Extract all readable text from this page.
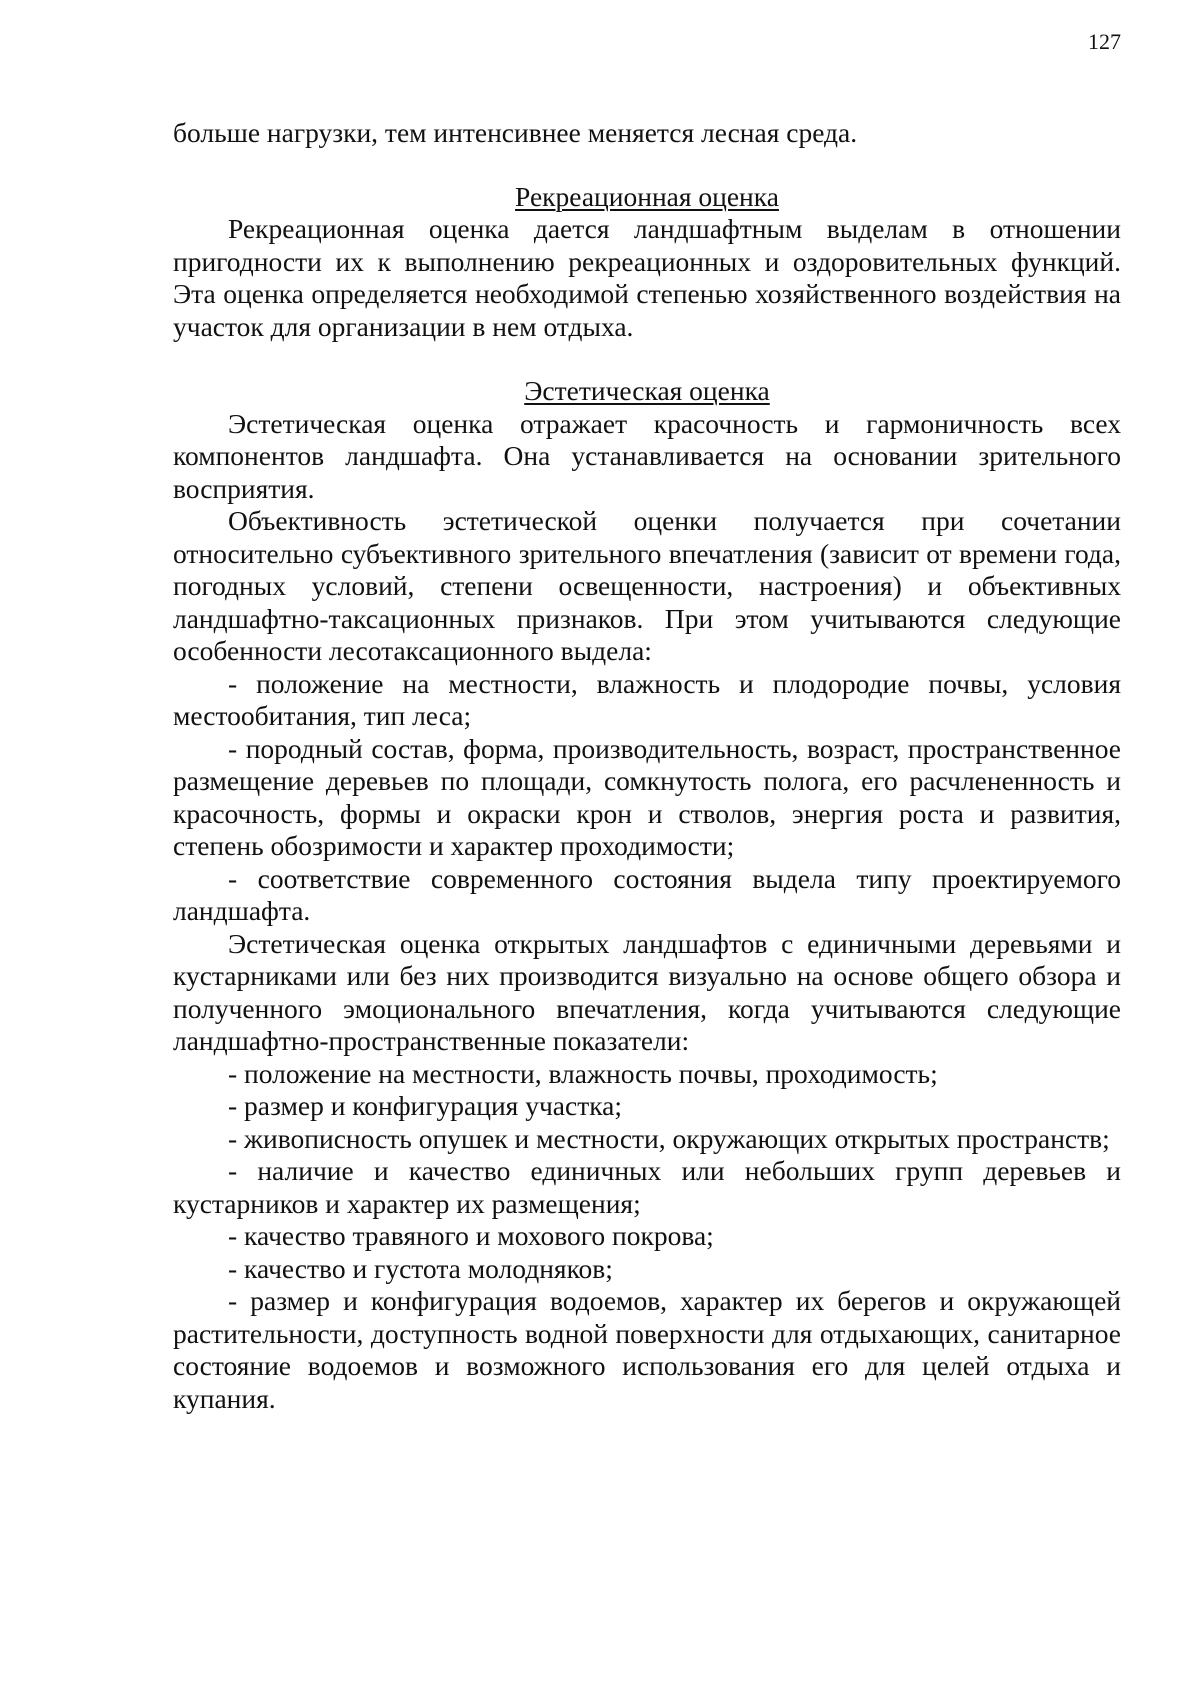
127

больше нагрузки, тем интенсивнее меняется лесная среда.

Рекреационная оценка

Рекреационная оценка дается ландшафтным выделам в отношении пригодности их к выполнению рекреационных и оздоровительных функций. Эта оценка определяется необходимой степенью хозяйственного воздействия на участок для организации в нем отдыха.

Эстетическая оценка

Эстетическая оценка отражает красочность и гармоничность всех компонентов ландшафта. Она устанавливается на основании зрительного восприятия.

Объективность эстетической оценки получается при сочетании относительно субъективного зрительного впечатления (зависит от времени года, погодных условий, степени освещенности, настроения) и объективных ландшафтно-таксационных признаков. При этом учитываются следующие особенности лесотаксационного выдела:

- положение на местности, влажность и плодородие почвы, условия местообитания, тип леса;

- породный состав, форма, производительность, возраст, пространственное размещение деревьев по площади, сомкнутость полога, его расчлененность и красочность, формы и окраски крон и стволов, энергия роста и развития, степень обозримости и характер проходимости;

- соответствие современного состояния выдела типу проектируемого ландшафта.

Эстетическая оценка открытых ландшафтов с единичными деревьями и кустарниками или без них производится визуально на основе общего обзора и полученного эмоционального впечатления, когда учитываются следующие ландшафтно-пространственные показатели:

- положение на местности, влажность почвы, проходимость;

- размер и конфигурация участка;

- живописность опушек и местности, окружающих открытых пространств;

- наличие и качество единичных или небольших групп деревьев и кустарников и характер их размещения;

- качество травяного и мохового покрова;

- качество и густота молодняков;

- размер и конфигурация водоемов, характер их берегов и окружающей растительности, доступность водной поверхности для отдыхающих, санитарное состояние водоемов и возможного использования его для целей отдыха и купания.
